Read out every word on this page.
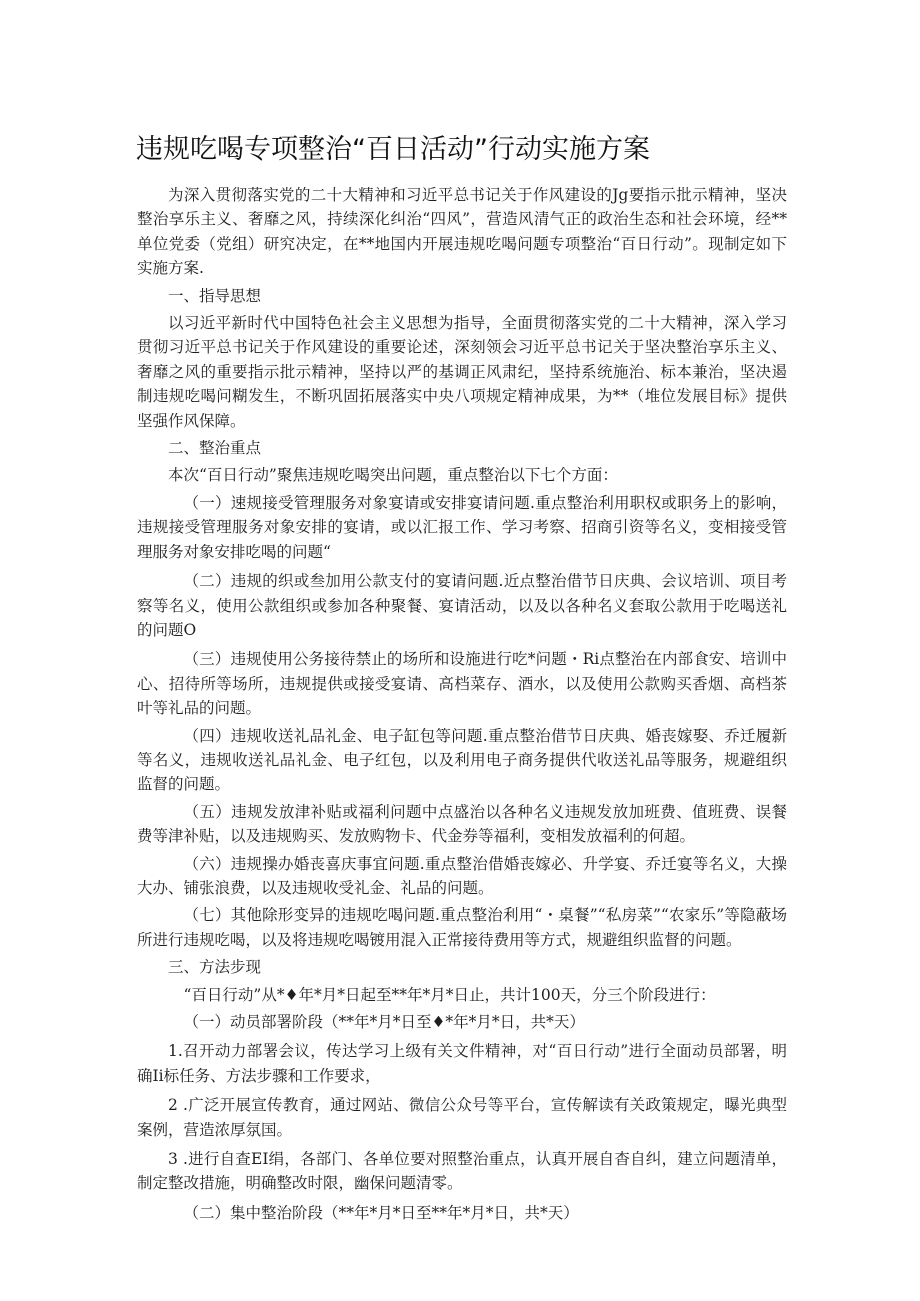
违规吃喝专项整治“百日活动”行动实施方案

为深入贯彻落实党的二十大精神和习近平总书记关于作风建设的Jg要指示批示精神，坚决整治享乐主义、奢靡之风，持续深化纠治“四风”，营造风清气正的政治生态和社会环境，经**单位党委（党组）研究决定，在**地国内开展违规吃喝问题专项整治“百日行动”。现制定如下实施方案.

一、指导思想

以习近平新时代中国特色社会主义思想为指导，全面贯彻落实党的二十大精神，深入学习贯彻习近平总书记关于作风建设的重要论述，深刻领会习近平总书记关于坚决整治享乐主义、奢靡之风的重要指示批示精神，坚持以严的基调正风肃纪，坚持系统施治、标本兼治，坚决遏制违规吃喝问糊发生，不断巩固拓展落实中央八项规定精神成果，为**（堆位发展目标》提供坚强作风保障。

二、整治重点

本次“百日行动”聚焦违规吃喝突出问题，重点整治以下七个方面：

（一）速规接受管理服务对象宴请或安排宴请问题.重点整治利用职权或职务上的影响，违规接受管理服务对象安排的宴请，或以汇报工作、学习考察、招商引资等名义，变相接受管理服务对象安排吃喝的问题“

（二）违规的织或叁加用公款支付的宴请问题.近点整治借节日庆典、会议培训、项目考察等名义，使用公款组织或参加各种聚餐、宴请活动，以及以各种名义套取公款用于吃喝送礼的问题O

（三）违规使用公务接待禁止的场所和设施进行吃*问题・Ri点整治在内部食安、培训中心、招待所等场所，违规提供或接受宴请、高档菜存、酒水，以及使用公款购买香烟、高档茶叶等礼品的问题。

（四）违规收送礼品礼金、电子缸包等问题.重点整治借节日庆典、婚丧嫁娶、乔迁履新等名义，违规收送礼品礼金、电子红包，以及利用电子商务提供代收送礼品等服务，规避组织监督的问题。

（五）违规发放津补贴或福利问题中点盛治以各种名义违规发放加班费、值班费、误餐费等津补贴，以及违规购买、发放购物卡、代金券等福利，变相发放福利的何超。

（六）违规操办婚丧喜庆事宜问题.重点整治借婚丧嫁必、升学宴、乔迁宴等名义，大操大办、铺张浪费，以及违规收受礼金、礼品的问题。

（七）其他除形变异的违规吃喝问题.重点整治利用“・桌餐”“私房菜”“农家乐”等隐蔽场所进行违规吃喝，以及将违规吃喝镀用混入正常接待费用等方式，规避组织监督的问题。

三、方法步现

“百日行动”从*♦年*月*日起至**年*月*日止，共计100天，分三个阶段进行：

（一）动员部署阶段（**年*月*日至♦*年*月*日，共*天）

1.召开动力部署会议，传达学习上级有关文件精神，对“百日行动”进行全面动员部署，明确Ii标任务、方法步骤和工作要求，

2 .广泛开展宣传教育，通过网站、微信公众号等平台，宣传解读有关政策规定，曝光典型案例，营造浓厚氛国。

3 .进行自查EI绢，各部门、各单位要对照整治重点，认真开展自杳自纠，建立问题清单，制定整改措施，明确整改时限，幽保问题清零。

（二）集中整治阶段（**年*月*日至**年*月*日，共*天）
